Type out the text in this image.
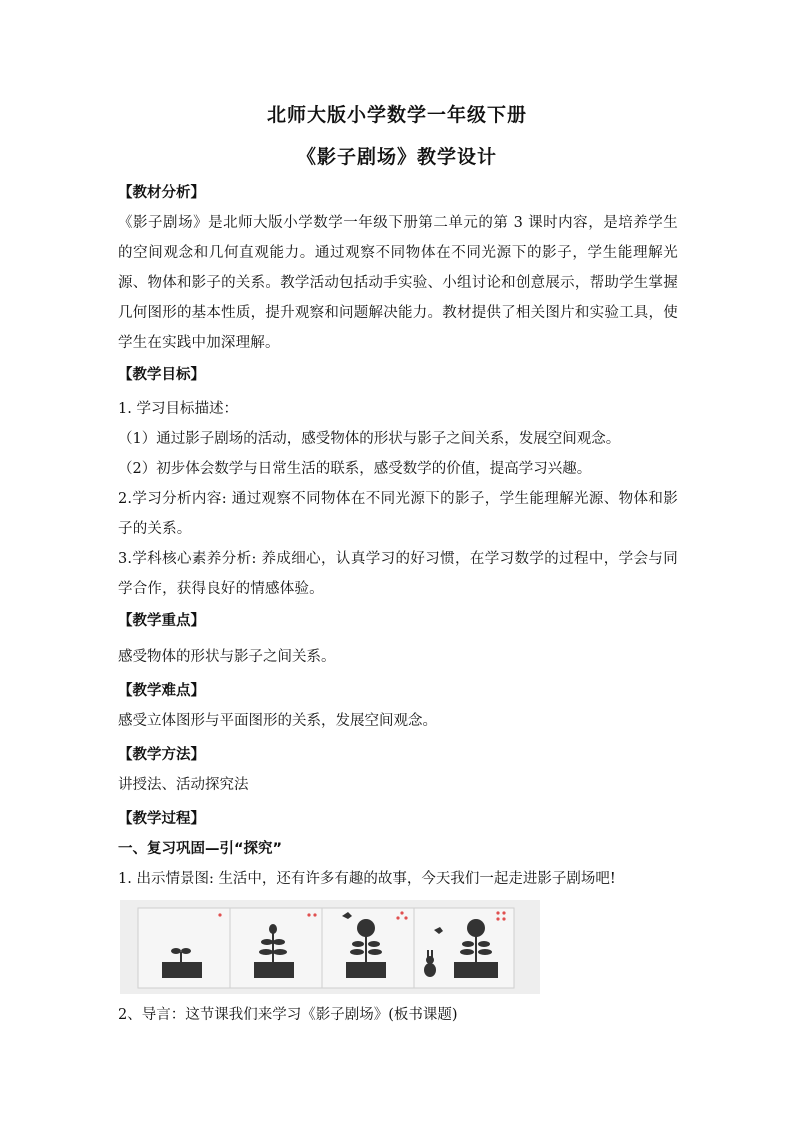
北师大版小学数学一年级下册
《影子剧场》教学设计

【教材分析】

《影子剧场》是北师大版小学数学一年级下册第二单元的第 3 课时内容，是培养学生的空间观念和几何直观能力。通过观察不同物体在不同光源下的影子，学生能理解光源、物体和影子的关系。教学活动包括动手实验、小组讨论和创意展示，帮助学生掌握几何图形的基本性质，提升观察和问题解决能力。教材提供了相关图片和实验工具，使学生在实践中加深理解。

【教学目标】

1. 学习目标描述：

（1）通过影子剧场的活动，感受物体的形状与影子之间关系，发展空间观念。

（2）初步体会数学与日常生活的联系，感受数学的价值，提高学习兴趣。

2.学习分析内容: 通过观察不同物体在不同光源下的影子，学生能理解光源、物体和影子的关系。

3.学科核心素养分析: 养成细心，认真学习的好习惯，在学习数学的过程中，学会与同学合作，获得良好的情感体验。

【教学重点】

感受物体的形状与影子之间关系。

【教学难点】

感受立体图形与平面图形的关系，发展空间观念。

【教学方法】

讲授法、活动探究法

【教学过程】

一、复习巩固—引“探究”

1. 出示情景图: 生活中，还有许多有趣的故事，今天我们一起走进影子剧场吧!

2、导言：这节课我们来学习《影子剧场》(板书课题)
